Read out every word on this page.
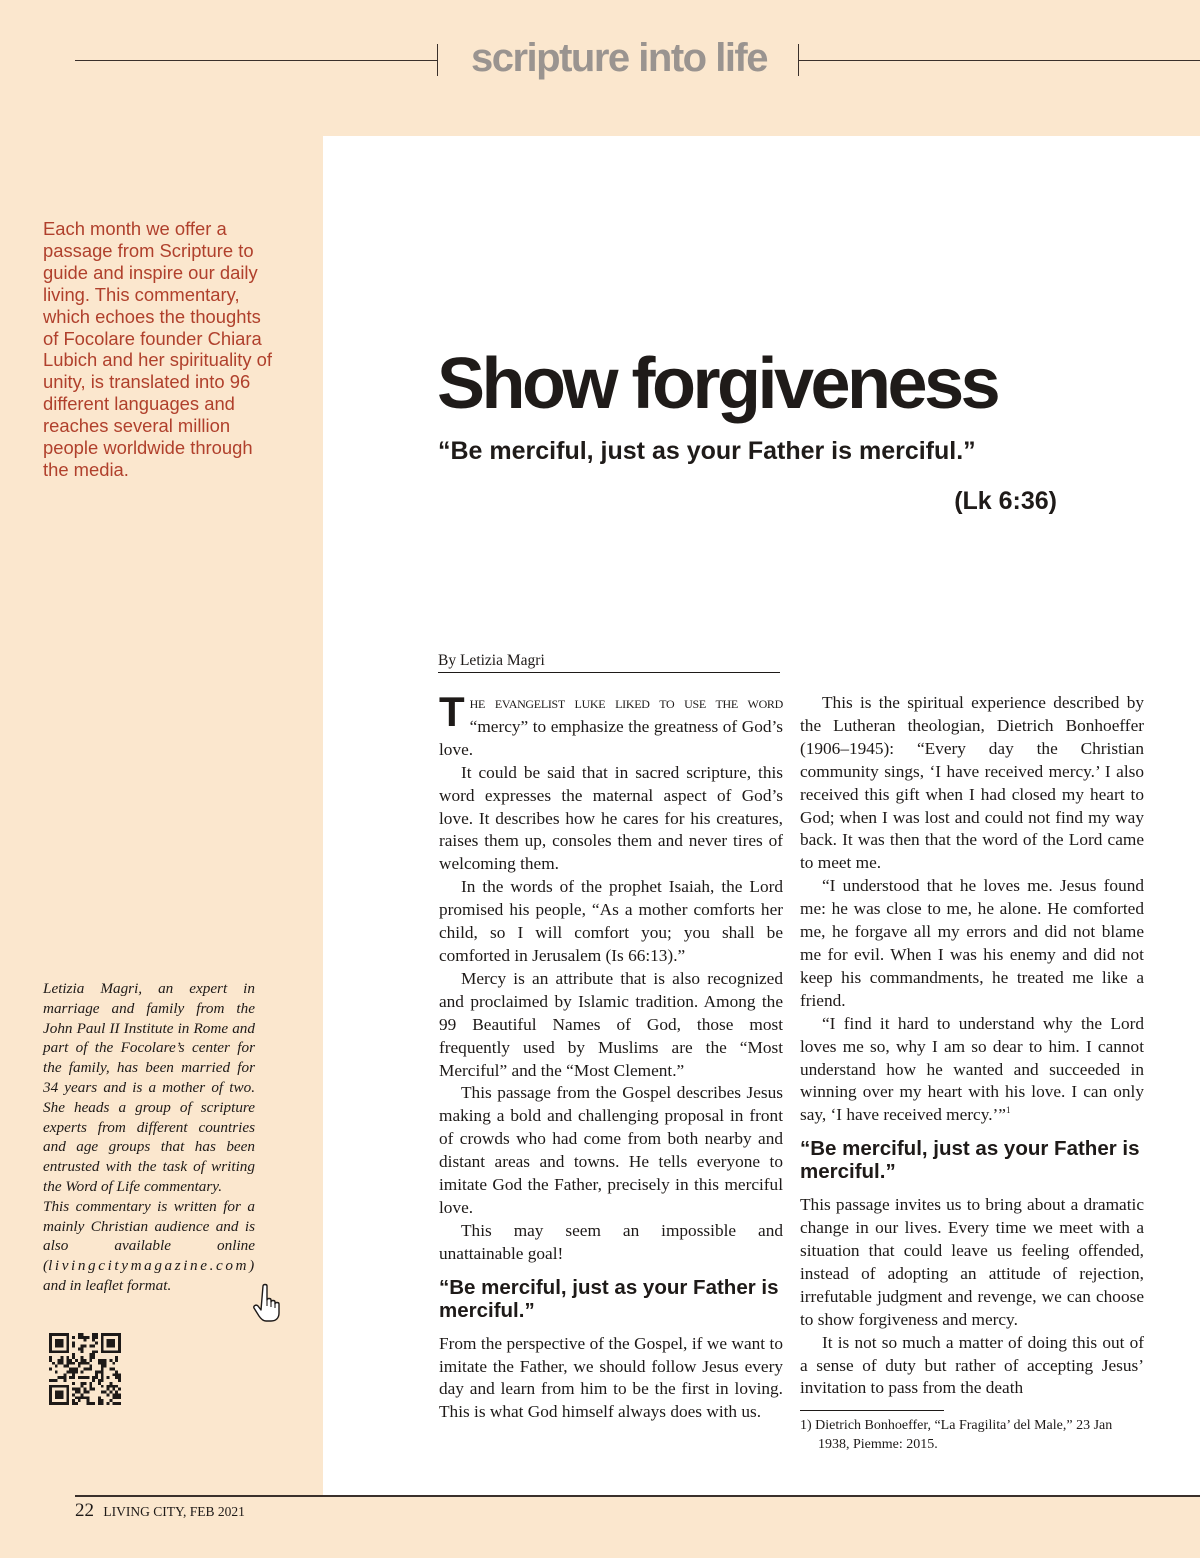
scripture into life
Each month we offer a passage from Scripture to guide and inspire our daily living. This commentary, which echoes the thoughts of Focolare founder Chiara Lubich and her spirituality of unity, is translated into 96 different languages and reaches several million people worldwide through the media.

Letizia Magri, an expert in marriage and family from the John Paul II Institute in Rome and part of the Focolare’s center for the family, has been married for 34 years and is a mother of two. She heads a group of scripture experts from different countries and age groups that has been entrusted with the task of writing the Word of Life commentary.

This commentary is written for a mainly Christian audience and is also available online (livingcitymagazine.com) and in leaflet format.

Show forgiveness
“Be merciful, just as your Father is merciful.”
(Lk 6:36)
By Letizia Magri

THE EVANGELIST LUKE LIKED TO USE THE WORD “mercy” to emphasize the greatness of God’s love.

It could be said that in sacred scripture, this word expresses the maternal aspect of God’s love. It describes how he cares for his creatures, raises them up, consoles them and never tires of welcoming them.

In the words of the prophet Isaiah, the Lord promised his people, “As a mother comforts her child, so I will comfort you; you shall be comforted in Jerusalem (Is 66:13).”

Mercy is an attribute that is also recognized and proclaimed by Islamic tradition. Among the 99 Beautiful Names of God, those most frequently used by Muslims are the “Most Merciful” and the “Most Clement.”

This passage from the Gospel describes Jesus making a bold and challenging proposal in front of crowds who had come from both nearby and distant areas and towns. He tells everyone to imitate God the Father, precisely in this merciful love.

This may seem an impossible and unattainable goal!

“Be merciful, just as your Father is merciful.”

From the perspective of the Gospel, if we want to imitate the Father, we should follow Jesus every day and learn from him to be the first in loving. This is what God himself always does with us.

This is the spiritual experience described by the Lutheran theologian, Dietrich Bonhoeffer (1906–1945): “Every day the Christian community sings, ‘I have received mercy.’ I also received this gift when I had closed my heart to God; when I was lost and could not find my way back. It was then that the word of the Lord came to meet me.

“I understood that he loves me. Jesus found me: he was close to me, he alone. He comforted me, he forgave all my errors and did not blame me for evil. When I was his enemy and did not keep his commandments, he treated me like a friend.

“I find it hard to understand why the Lord loves me so, why I am so dear to him. I cannot understand how he wanted and succeeded in winning over my heart with his love. I can only say, ‘I have received mercy.’”$^1$

“Be merciful, just as your Father is merciful.”

This passage invites us to bring about a dramatic change in our lives. Every time we meet with a situation that could leave us feeling offended, instead of adopting an attitude of rejection, irrefutable judgment and revenge, we can choose to show forgiveness and mercy.

It is not so much a matter of doing this out of a sense of duty but rather of accepting Jesus’ invitation to pass from the death

1) Dietrich Bonhoeffer, “La Fragilita’ del Male,” 23 Jan 1938, Piemme: 2015.
22 LIVING CITY, FEB 2021
